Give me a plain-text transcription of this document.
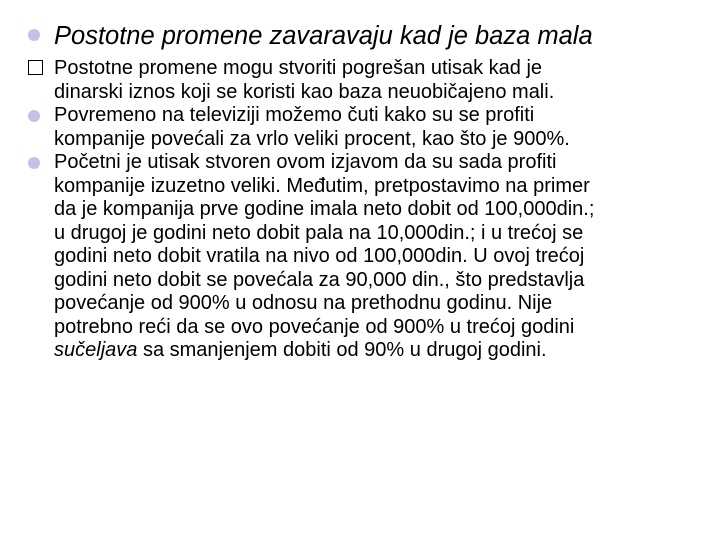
Postotne promene zavaravaju kad je baza mala

Postotne promene mogu stvoriti pogrešan utisak kad je
dinarski iznos koji se koristi kao baza neuobičajeno mali.

Povremeno na televiziji možemo čuti kako su se profiti
kompanije povećali za vrlo veliki procent, kao što je 900%.

Početni je utisak stvoren ovom izjavom da su sada profiti
kompanije izuzetno veliki. Međutim, pretpostavimo na primer
da je kompanija prve godine imala neto dobit od 100,000din.;
u drugoj je godini neto dobit pala na 10,000din.; i u trećoj se
godini neto dobit vratila na nivo od 100,000din. U ovoj trećoj
godini neto dobit se povećala za 90,000 din., što predstavlja
povećanje od 900% u odnosu na prethodnu godinu. Nije
potrebno reći da se ovo povećanje od 900% u trećoj godini
sučeljava sa smanjenjem dobiti od 90% u drugoj godini.
